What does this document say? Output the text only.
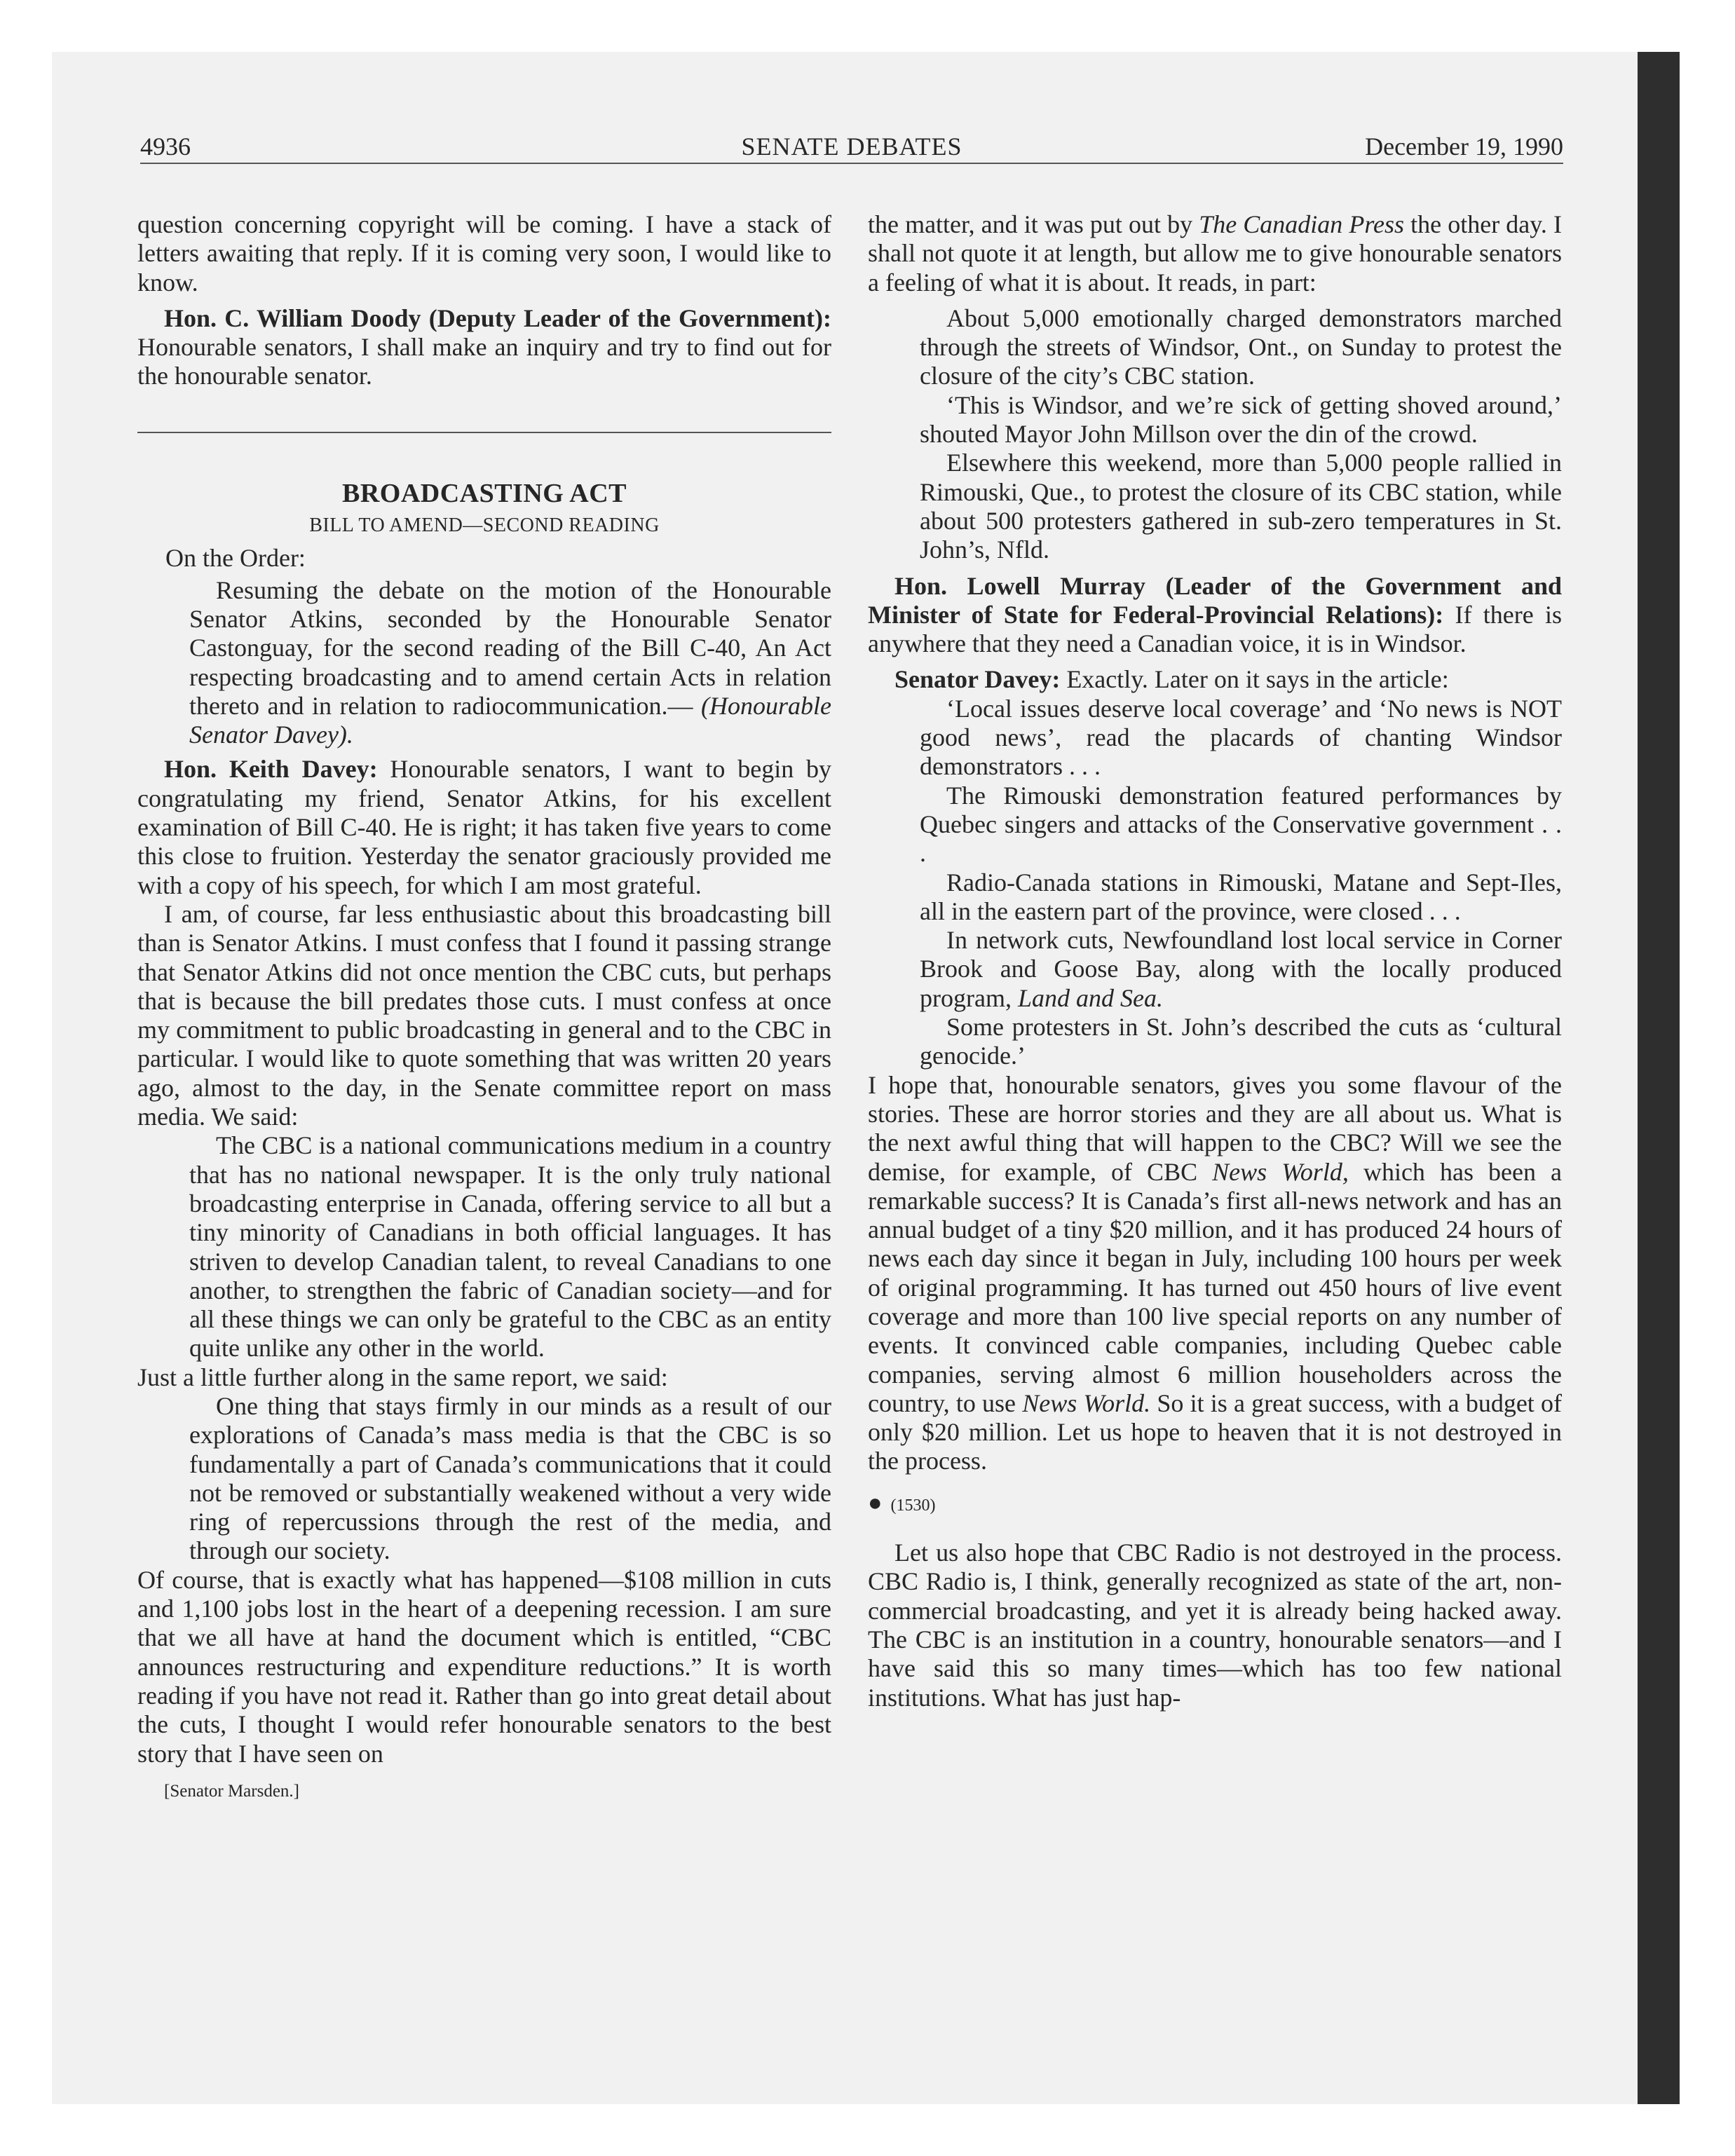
4936	SENATE DEBATES	December 19, 1990

question concerning copyright will be coming. I have a stack of letters awaiting that reply. If it is coming very soon, I would like to know.

Hon. C. William Doody (Deputy Leader of the Government): Honourable senators, I shall make an inquiry and try to find out for the honourable senator.

BROADCASTING ACT
BILL TO AMEND—SECOND READING
On the Order:

Resuming the debate on the motion of the Honourable Senator Atkins, seconded by the Honourable Senator Castonguay, for the second reading of the Bill C-40, An Act respecting broadcasting and to amend certain Acts in relation thereto and in relation to radiocommunication.— (Honourable Senator Davey).

Hon. Keith Davey: Honourable senators, I want to begin by congratulating my friend, Senator Atkins, for his excellent examination of Bill C-40. He is right; it has taken five years to come this close to fruition. Yesterday the senator graciously provided me with a copy of his speech, for which I am most grateful.

I am, of course, far less enthusiastic about this broadcasting bill than is Senator Atkins. I must confess that I found it passing strange that Senator Atkins did not once mention the CBC cuts, but perhaps that is because the bill predates those cuts. I must confess at once my commitment to public broadcasting in general and to the CBC in particular. I would like to quote something that was written 20 years ago, almost to the day, in the Senate committee report on mass media. We said:

The CBC is a national communications medium in a country that has no national newspaper. It is the only truly national broadcasting enterprise in Canada, offering service to all but a tiny minority of Canadians in both official languages. It has striven to develop Canadian talent, to reveal Canadians to one another, to strengthen the fabric of Canadian society—and for all these things we can only be grateful to the CBC as an entity quite unlike any other in the world.

Just a little further along in the same report, we said:

One thing that stays firmly in our minds as a result of our explorations of Canada’s mass media is that the CBC is so fundamentally a part of Canada’s communications that it could not be removed or substantially weakened without a very wide ring of repercussions through the rest of the media, and through our society.

Of course, that is exactly what has happened—$108 million in cuts and 1,100 jobs lost in the heart of a deepening recession. I am sure that we all have at hand the document which is entitled, “CBC announces restructuring and expenditure reductions.” It is worth reading if you have not read it. Rather than go into great detail about the cuts, I thought I would refer honourable senators to the best story that I have seen on

[Senator Marsden.]

the matter, and it was put out by The Canadian Press the other day. I shall not quote it at length, but allow me to give honourable senators a feeling of what it is about. It reads, in part:

About 5,000 emotionally charged demonstrators marched through the streets of Windsor, Ont., on Sunday to protest the closure of the city’s CBC station.

‘This is Windsor, and we’re sick of getting shoved around,’ shouted Mayor John Millson over the din of the crowd.

Elsewhere this weekend, more than 5,000 people rallied in Rimouski, Que., to protest the closure of its CBC station, while about 500 protesters gathered in sub-zero temperatures in St. John’s, Nfld.

Hon. Lowell Murray (Leader of the Government and Minister of State for Federal-Provincial Relations): If there is anywhere that they need a Canadian voice, it is in Windsor.

Senator Davey: Exactly. Later on it says in the article:

‘Local issues deserve local coverage’ and ‘No news is NOT good news’, read the placards of chanting Windsor demonstrators . . .

The Rimouski demonstration featured performances by Quebec singers and attacks of the Conservative government . . .

Radio-Canada stations in Rimouski, Matane and Sept-Iles, all in the eastern part of the province, were closed . . .

In network cuts, Newfoundland lost local service in Corner Brook and Goose Bay, along with the locally produced program, Land and Sea.

Some protesters in St. John’s described the cuts as ‘cultural genocide.’

I hope that, honourable senators, gives you some flavour of the stories. These are horror stories and they are all about us. What is the next awful thing that will happen to the CBC? Will we see the demise, for example, of CBC News World, which has been a remarkable success? It is Canada’s first all-news network and has an annual budget of a tiny $20 million, and it has produced 24 hours of news each day since it began in July, including 100 hours per week of original programming. It has turned out 450 hours of live event coverage and more than 100 live special reports on any number of events. It convinced cable companies, including Quebec cable companies, serving almost 6 million householders across the country, to use News World. So it is a great success, with a budget of only $20 million. Let us hope to heaven that it is not destroyed in the process.

● (1530)

Let us also hope that CBC Radio is not destroyed in the process. CBC Radio is, I think, generally recognized as state of the art, non-commercial broadcasting, and yet it is already being hacked away. The CBC is an institution in a country, honourable senators—and I have said this so many times—which has too few national institutions. What has just hap-
